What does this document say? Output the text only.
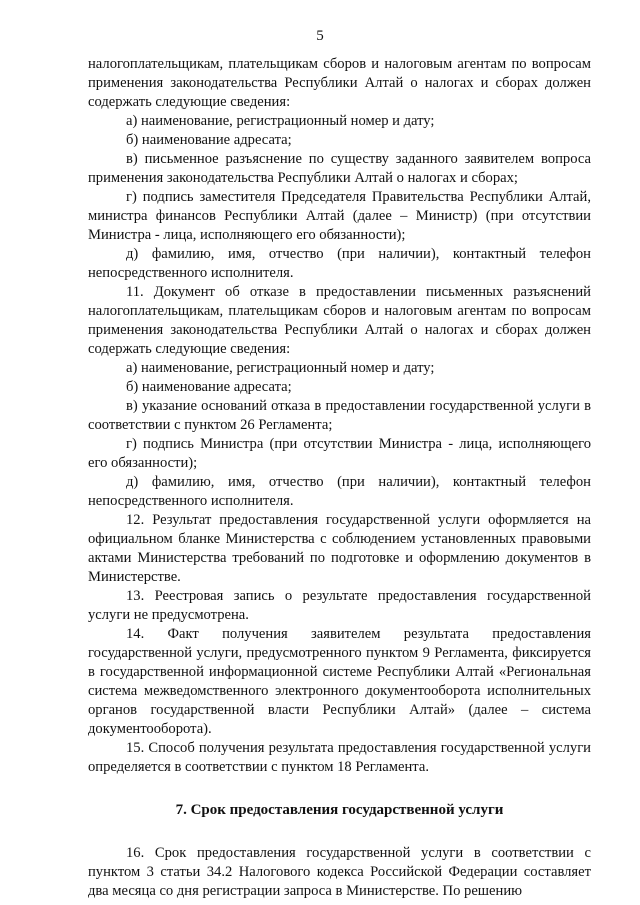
5

налогоплательщикам, плательщикам сборов и налоговым агентам по вопросам применения законодательства Республики Алтай о налогах и сборах должен содержать следующие сведения:

а) наименование, регистрационный номер и дату;

б) наименование адресата;

в) письменное разъяснение по существу заданного заявителем вопроса применения законодательства Республики Алтай о налогах и сборах;

г) подпись заместителя Председателя Правительства Республики Алтай, министра финансов Республики Алтай (далее – Министр) (при отсутствии Министра - лица, исполняющего его обязанности);

д) фамилию, имя, отчество (при наличии), контактный телефон непосредственного исполнителя.

11. Документ об отказе в предоставлении письменных разъяснений налогоплательщикам, плательщикам сборов и налоговым агентам по вопросам применения законодательства Республики Алтай о налогах и сборах должен содержать следующие сведения:

а) наименование, регистрационный номер и дату;

б) наименование адресата;

в) указание оснований отказа в предоставлении государственной услуги в соответствии с пунктом 26 Регламента;

г) подпись Министра (при отсутствии Министра - лица, исполняющего его обязанности);

д) фамилию, имя, отчество (при наличии), контактный телефон непосредственного исполнителя.

12. Результат предоставления государственной услуги оформляется на официальном бланке Министерства с соблюдением установленных правовыми актами Министерства требований по подготовке и оформлению документов в Министерстве.

13. Реестровая запись о результате предоставления государственной услуги не предусмотрена.

14. Факт получения заявителем результата предоставления государственной услуги, предусмотренного пунктом 9 Регламента, фиксируется в государственной информационной системе Республики Алтай «Региональная система межведомственного электронного документооборота исполнительных органов государственной власти Республики Алтай» (далее – система документооборота).

15. Способ получения результата предоставления государственной услуги определяется в соответствии с пунктом 18 Регламента.

7. Срок предоставления государственной услуги

16. Срок предоставления государственной услуги в соответствии с пунктом 3 статьи 34.2 Налогового кодекса Российской Федерации составляет два месяца со дня регистрации запроса в Министерстве. По решению
